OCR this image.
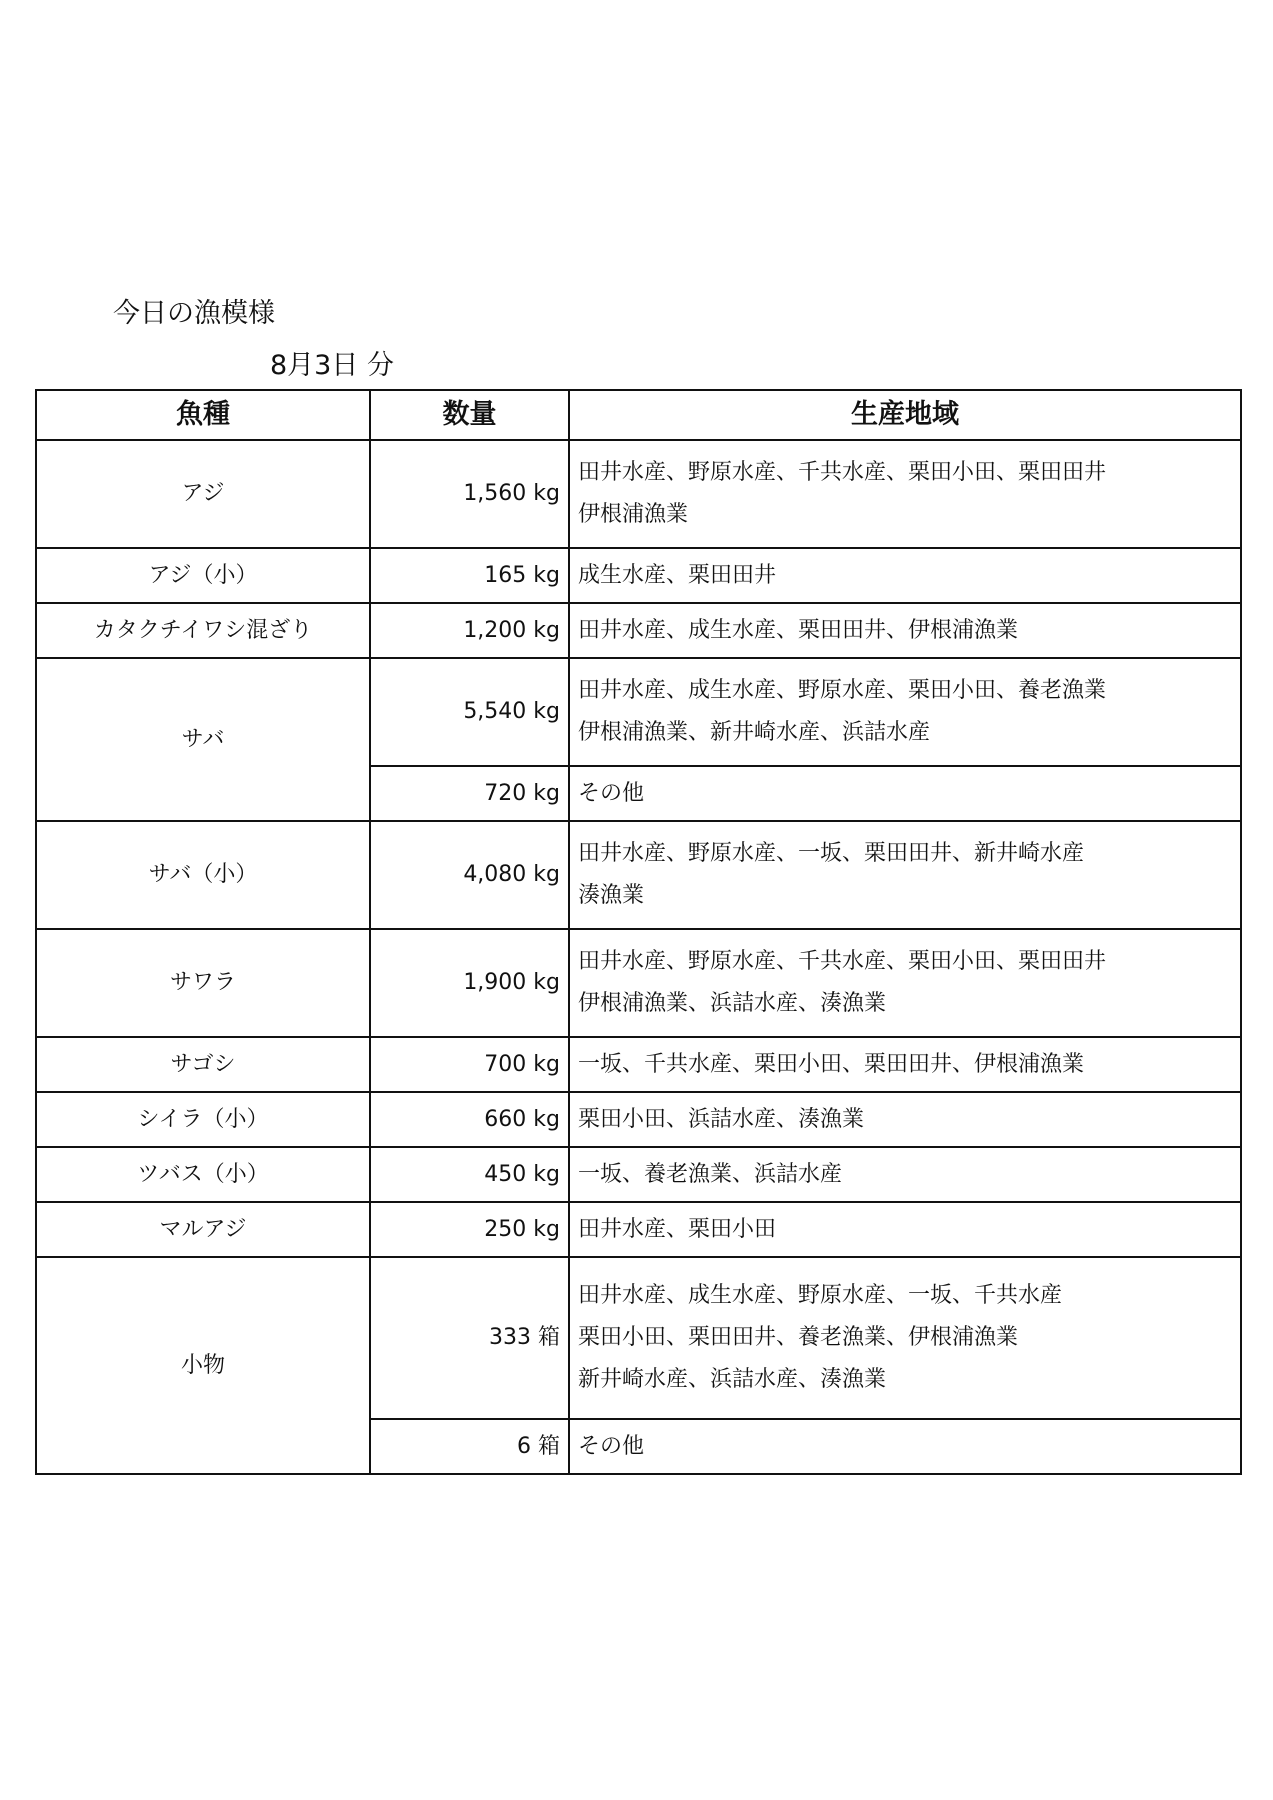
今日の漁模様
8月3日 分
魚種	数量	生産地域
アジ	1,560 kg	田井水産、野原水産、千共水産、栗田小田、栗田田井
伊根浦漁業

アジ（小）	165 kg	成生水産、栗田田井

カタクチイワシ混ざり	1,200 kg	田井水産、成生水産、栗田田井、伊根浦漁業

サバ	5,540 kg	田井水産、成生水産、野原水産、栗田小田、養老漁業
伊根浦漁業、新井崎水産、浜詰水産

	720 kg	その他

サバ（小）	4,080 kg	田井水産、野原水産、一坂、栗田田井、新井崎水産
湊漁業

サワラ	1,900 kg	田井水産、野原水産、千共水産、栗田小田、栗田田井
伊根浦漁業、浜詰水産、湊漁業

サゴシ	700 kg	一坂、千共水産、栗田小田、栗田田井、伊根浦漁業

シイラ（小）	660 kg	栗田小田、浜詰水産、湊漁業

ツバス（小）	450 kg	一坂、養老漁業、浜詰水産

マルアジ	250 kg	田井水産、栗田小田

小物	333 箱	田井水産、成生水産、野原水産、一坂、千共水産
栗田小田、栗田田井、養老漁業、伊根浦漁業
新井崎水産、浜詰水産、湊漁業

	6 箱	その他
